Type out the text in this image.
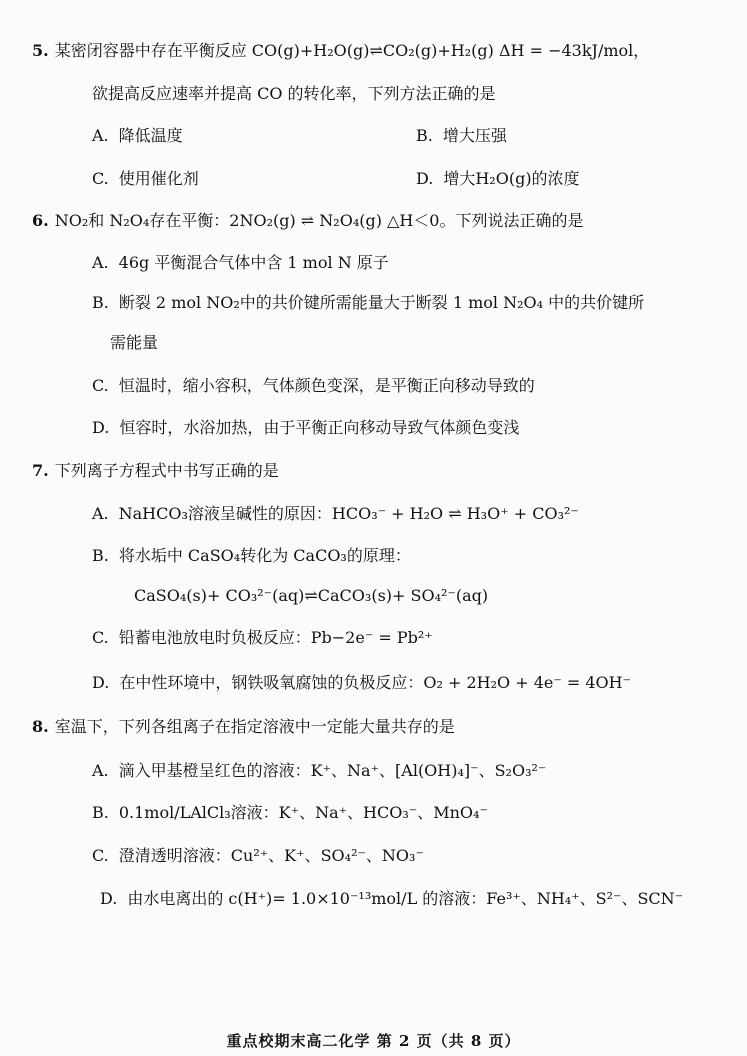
5. 某密闭容器中存在平衡反应 CO(g)+H₂O(g)⇌CO₂(g)+H₂(g) ΔH = −43kJ/mol，
欲提高反应速率并提高 CO 的转化率，下列方法正确的是
A. 降低温度	B. 增大压强
C. 使用催化剂	D. 增大H₂O(g)的浓度
6. NO₂和 N₂O₄存在平衡：2NO₂(g) ⇌ N₂O₄(g) △H＜0。下列说法正确的是
A. 46g 平衡混合气体中含 1 mol N 原子
B. 断裂 2 mol NO₂中的共价键所需能量大于断裂 1 mol N₂O₄ 中的共价键所
需能量
C. 恒温时，缩小容积，气体颜色变深，是平衡正向移动导致的
D. 恒容时，水浴加热，由于平衡正向移动导致气体颜色变浅
7. 下列离子方程式中书写正确的是
A. NaHCO₃溶液呈碱性的原因：HCO₃⁻ + H₂O ⇌ H₃O⁺ + CO₃²⁻
B. 将水垢中 CaSO₄转化为 CaCO₃的原理：
CaSO₄(s)+ CO₃²⁻(aq)⇌CaCO₃(s)+ SO₄²⁻(aq)
C. 铅蓄电池放电时负极反应：Pb−2e⁻ = Pb²⁺
D. 在中性环境中，钢铁吸氧腐蚀的负极反应：O₂ + 2H₂O + 4e⁻ = 4OH⁻
8. 室温下，下列各组离子在指定溶液中一定能大量共存的是
A. 滴入甲基橙呈红色的溶液：K⁺、Na⁺、[Al(OH)₄]⁻、S₂O₃²⁻
B. 0.1mol/LAlCl₃溶液：K⁺、Na⁺、HCO₃⁻、MnO₄⁻
C. 澄清透明溶液：Cu²⁺、K⁺、SO₄²⁻、NO₃⁻
D. 由水电离出的 c(H⁺)= 1.0×10⁻¹³mol/L 的溶液：Fe³⁺、NH₄⁺、S²⁻、SCN⁻
重点校期末高二化学 第 2 页（共 8 页）
